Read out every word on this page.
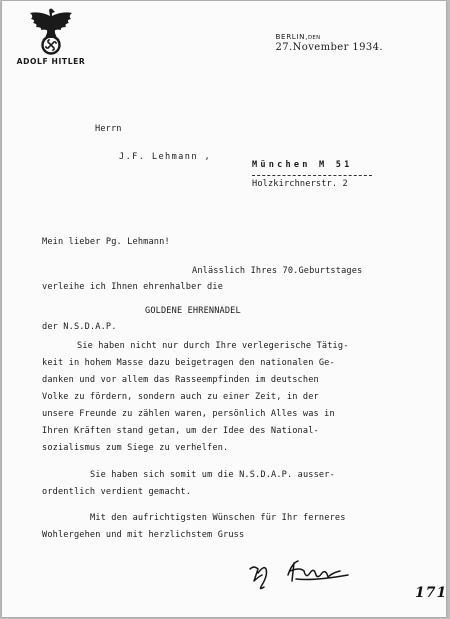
ADOLF HITLER

BERLIN,DEN
27.November 1934.

Herrn
J.F. Lehmann ,
München M 51
Holzkirchnerstr. 2
Mein lieber Pg. Lehmann!
Anlässlich Ihres 70.Geburtstages
verleihe ich Ihnen ehrenhalber die
GOLDENE EHRENNADEL
der N.S.D.A.P.
Sie haben nicht nur durch Ihre verlegerische Tätig-
keit in hohem Masse dazu beigetragen den nationalen Ge-
danken und vor allem das Rasseempfinden im deutschen
Volke zu fördern, sondern auch zu einer Zeit, in der
unsere Freunde zu zählen waren, persönlich Alles was in
Ihren Kräften stand getan, um der Idee des National-
sozialismus zum Siege zu verhelfen.
Sie haben sich somit um die N.S.D.A.P. ausser-
ordentlich verdient gemacht.
Mit den aufrichtigsten Wünschen für Ihr ferneres
Wohlergehen und mit herzlichstem Gruss
171
